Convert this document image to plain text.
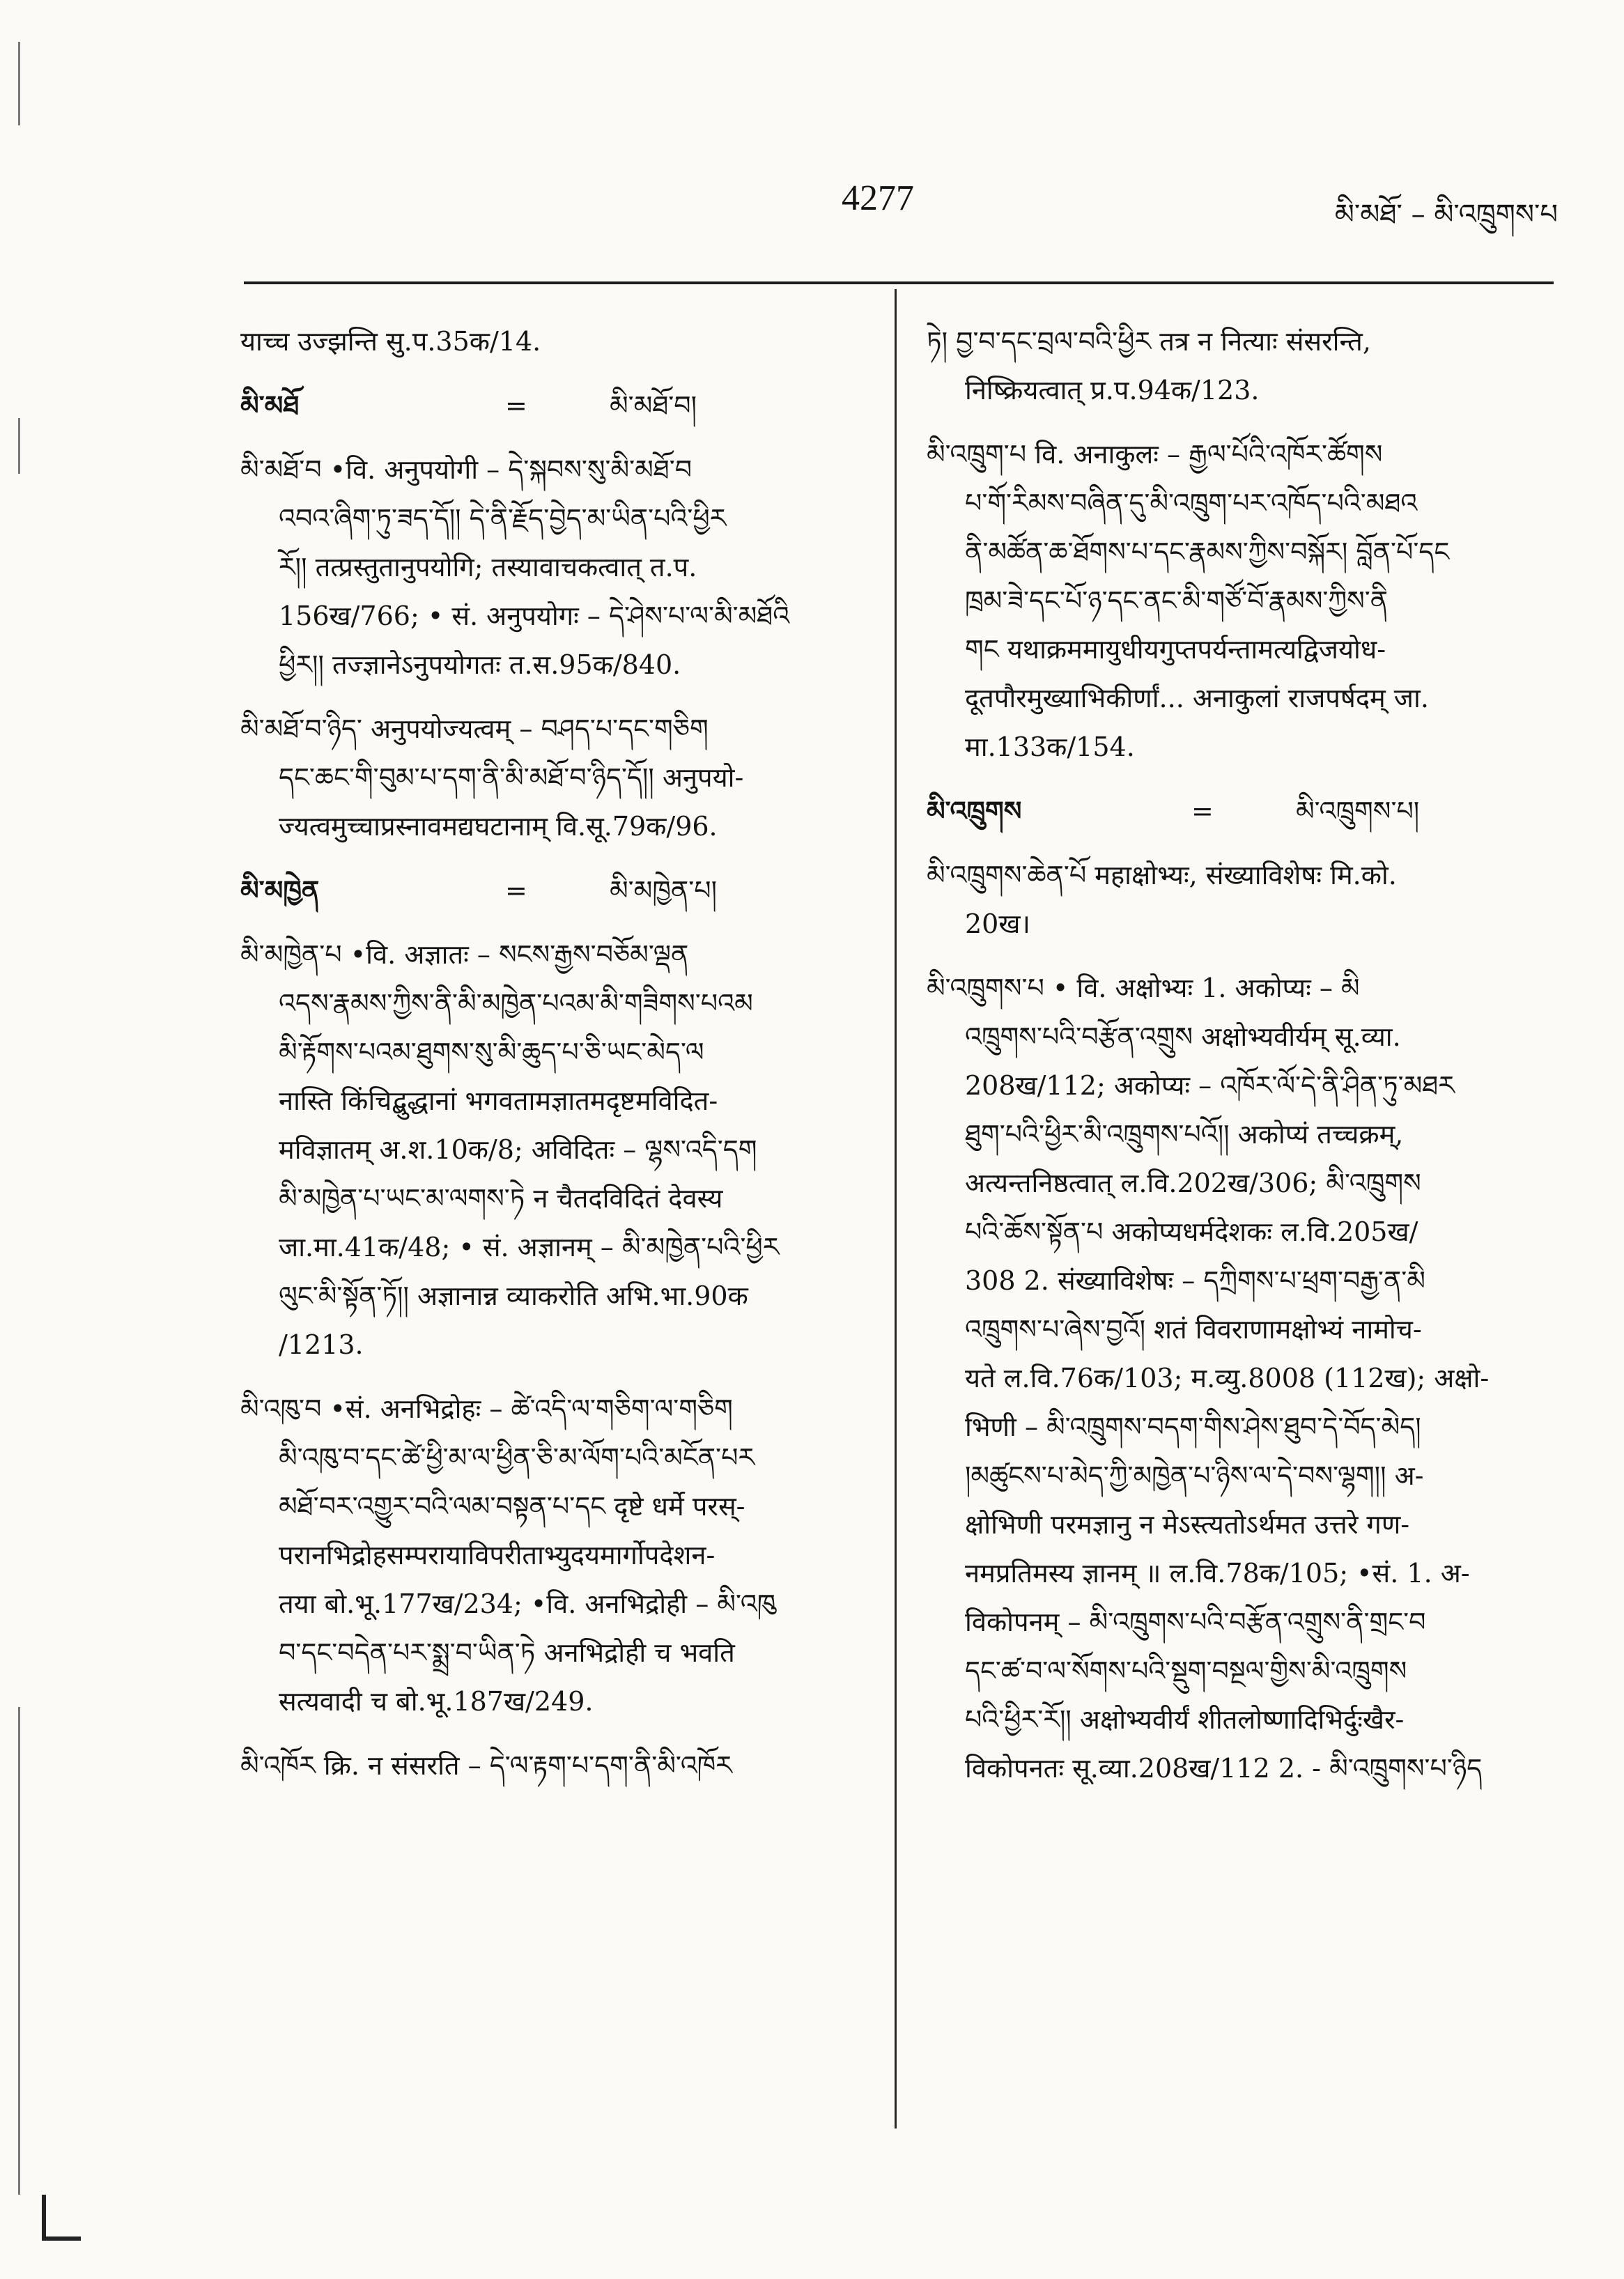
4277	མི་མཐོ་ – མི་འཁྲུགས་པ
याच्च उज्झन्ति सु.प.35क/14.
མི་མཐོ	=	མི་མཐོ་བ།
མི་མཐོ་བ •वि. अनुपयोगी – དེ་སྐབས་སུ་མི་མཐོ་བ
འབའ་ཞིག་ཏུ་ཟད་དོ།། དེ་ནི་རྗོད་བྱེད་མ་ཡིན་པའི་ཕྱིར
རོ།། तत्प्रस्तुतानुपयोगि; तस्यावाचकत्वात् त.प.
156ख/766; • सं. अनुपयोगः – དེ་ཤེས་པ་ལ་མི་མཐོའི
ཕྱིར།། तज्ज्ञानेऽनुपयोगतः त.स.95क/840.
མི་མཐོ་བ་ཉིད་ अनुपयोज्यत्वम् – བཤད་པ་དང་གཅིག
དང་ཆང་གི་བུམ་པ་དག་ནི་མི་མཐོ་བ་ཉིད་དོ།། अनुपयो-
ज्यत्वमुच्चाप्रस्नावमद्यघटानाम् वि.सू.79क/96.
མི་མཁྱེན	=	མི་མཁྱེན་པ།
མི་མཁྱེན་པ •वि. अज्ञातः – སངས་རྒྱས་བཅོམ་ལྡན
འདས་རྣམས་ཀྱིས་ནི་མི་མཁྱེན་པའམ་མི་གཟིགས་པའམ
མི་རྟོགས་པའམ་ཐུགས་སུ་མི་ཆུད་པ་ཅི་ཡང་མེད་ལ
नास्ति किंचिद्बुद्धानां भगवतामज्ञातमदृष्टमविदित-
मविज्ञातम् अ.श.10क/8; अविदितः – ལྷས་འདི་དག
མི་མཁྱེན་པ་ཡང་མ་ལགས་ཏེ न चैतदविदितं देवस्य
जा.मा.41क/48; • सं. अज्ञानम् – མི་མཁྱེན་པའི་ཕྱིར
ལུང་མི་སྟོན་ཏོ།། अज्ञानान्न व्याकरोति अभि.भा.90क
/1213.
མི་འཁུ་བ •सं. अनभिद्रोहः – ཚེ་འདི་ལ་གཅིག་ལ་གཅིག
མི་འཁུ་བ་དང་ཚེ་ཕྱི་མ་ལ་ཕྱིན་ཅི་མ་ལོག་པའི་མངོན་པར
མཐོ་བར་འགྱུར་བའི་ལམ་བསྟན་པ་དང दृष्टे धर्मे परस्-
परानभिद्रोहसम्परायाविपरीताभ्युदयमार्गोपदेशन-
तया बो.भू.177ख/234; •वि. अनभिद्रोही – མི་འཁུ
བ་དང་བདེན་པར་སྨྲ་བ་ཡིན་ཏེ अनभिद्रोही च भवति
सत्यवादी च बो.भू.187ख/249.
མི་འཁོར क्रि. न संसरति – དེ་ལ་རྟག་པ་དག་ནི་མི་འཁོར
ཏེ། བྱ་བ་དང་བྲལ་བའི་ཕྱིར तत्र न नित्याः संसरन्ति,
निष्क्रियत्वात् प्र.प.94क/123.
མི་འཁྲུག་པ वि. अनाकुलः – རྒྱལ་པོའི་འཁོར་ཚོགས
པ་གོ་རིམས་བཞིན་དུ་མི་འཁྲུག་པར་འཁོད་པའི་མཐའ
ནི་མཚོན་ཆ་ཐོགས་པ་དང་རྣམས་ཀྱིས་བསྐོར། བློན་པོ་དང
ཁྲམ་ཟེ་དང་པོ་ཉ་དང་ནང་མི་གཙོ་བོ་རྣམས་ཀྱིས་ནི
གང यथाक्रममायुधीयगुप्तपर्यन्तामत्यद्विजयोध-
दूतपौरमुख्याभिकीर्णां... अनाकुलां राजपर्षदम् जा.
मा.133क/154.
མི་འཁྲུགས	=	མི་འཁྲུགས་པ།
མི་འཁྲུགས་ཆེན་པོ महाक्षोभ्यः, संख्याविशेषः मि.को.
20ख।
མི་འཁྲུགས་པ • वि. अक्षोभ्यः 1. अकोप्यः – མི
འཁྲུགས་པའི་བརྩོན་འགྲུས अक्षोभ्यवीर्यम् सू.व्या.
208ख/112; अकोप्यः – འཁོར་ལོ་དེ་ནི་ཤིན་ཏུ་མཐར
ཐུག་པའི་ཕྱིར་མི་འཁྲུགས་པའོ།། अकोप्यं तच्चक्रम्,
अत्यन्तनिष्ठत्वात् ल.वि.202ख/306; མི་འཁྲུགས
པའི་ཆོས་སྟོན་པ अकोप्यधर्मदेशकः ल.वि.205ख/
308 2. संख्याविशेषः – དཀྲིགས་པ་ཕྲག་བརྒྱ་ན་མི
འཁྲུགས་པ་ཞེས་བྱའོ། शतं विवराणामक्षोभ्यं नामोच-
यते ल.वि.76क/103; म.व्यु.8008 (112ख); अक्षो-
भिणी – མི་འཁྲུགས་བདག་གིས་ཤེས་ཐུབ་དེ་བོད་མེད།
།མཚུངས་པ་མེད་ཀྱི་མཁྱེན་པ་ཉིས་ལ་དེ་བས་ལྷག།། अ-
क्षोभिणी परमज्ञानु न मेऽस्त्यतोऽर्थमत उत्तरे गण-
नमप्रतिमस्य ज्ञानम् ॥ ल.वि.78क/105; •सं. 1. अ-
विकोपनम् – མི་འཁྲུགས་པའི་བརྩོན་འགྲུས་ནི་གྲང་བ
དང་ཚ་བ་ལ་སོགས་པའི་སྡུག་བསྔལ་གྱིས་མི་འཁྲུགས
པའི་ཕྱིར་རོ།། अक्षोभ्यवीर्यं शीतलोष्णादिभिर्दुःखैर-
विकोपनतः सू.व्या.208ख/112 2. - མི་འཁྲུགས་པ་ཉིད
